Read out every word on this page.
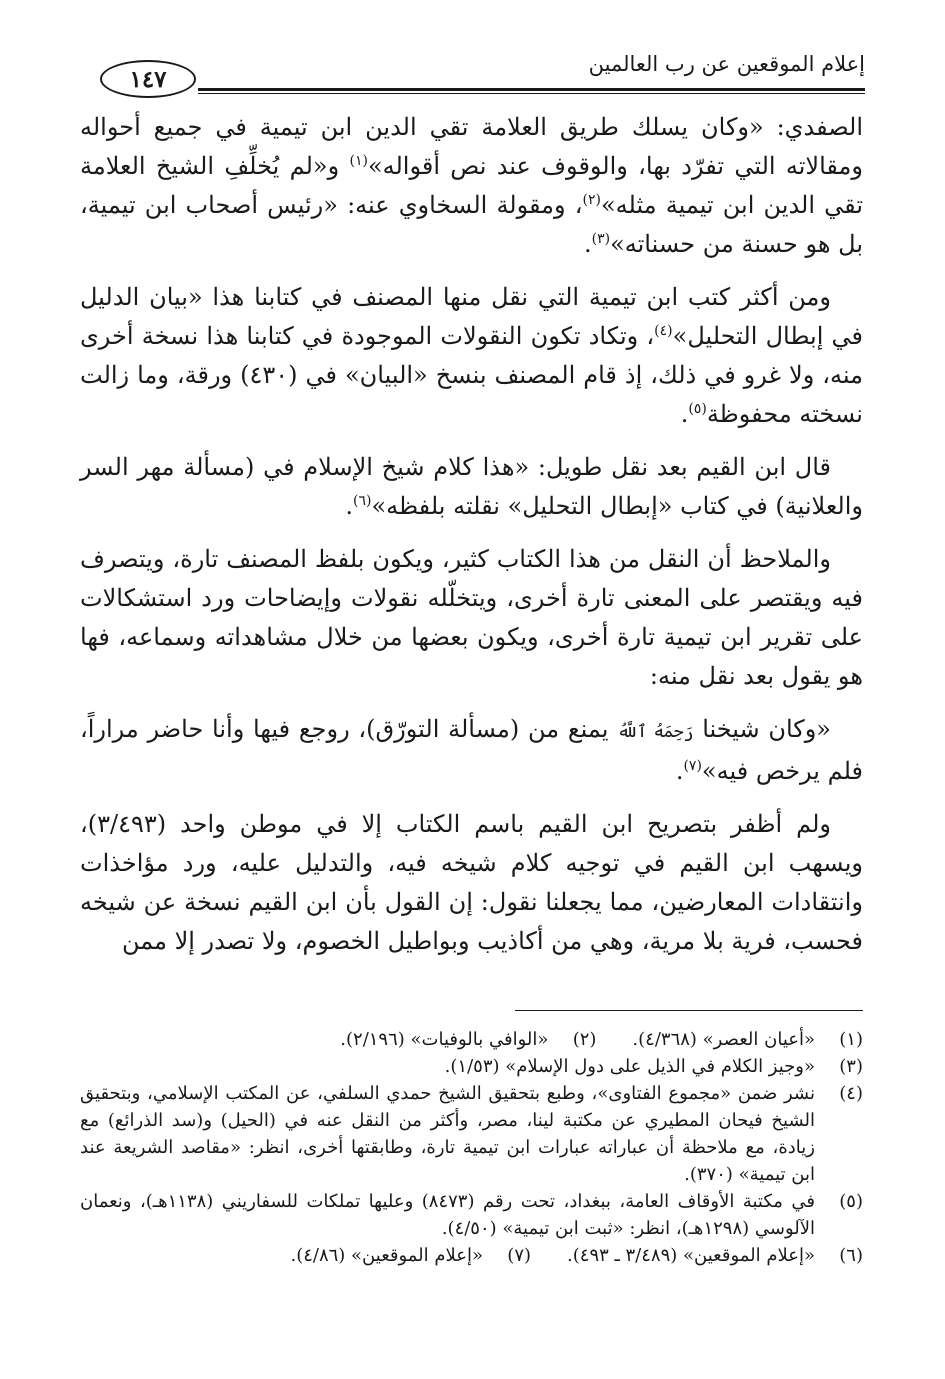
إعلام الموقعين عن رب العالمين
١٤٧

الصفدي: «وكان يسلك طريق العلامة تقي الدين ابن تيمية في جميع أحواله ومقالاته التي تفرّد بها، والوقوف عند نص أقواله»$^{(١)}$ و«لم يُخلِّفِ الشيخ العلامة تقي الدين ابن تيمية مثله»$^{(٢)}$، ومقولة السخاوي عنه: «رئيس أصحاب ابن تيمية، بل هو حسنة من حسناته»$^{(٣)}$.

ومن أكثر كتب ابن تيمية التي نقل منها المصنف في كتابنا هذا «بيان الدليل في إبطال التحليل»$^{(٤)}$، وتكاد تكون النقولات الموجودة في كتابنا هذا نسخة أخرى منه، ولا غرو في ذلك، إذ قام المصنف بنسخ «البيان» في (٤٣٠) ورقة، وما زالت نسخته محفوظة$^{(٥)}$.

قال ابن القيم بعد نقل طويل: «هذا كلام شيخ الإسلام في (مسألة مهر السر والعلانية) في كتاب «إبطال التحليل» نقلته بلفظه»$^{(٦)}$.

والملاحظ أن النقل من هذا الكتاب كثير، ويكون بلفظ المصنف تارة، ويتصرف فيه ويقتصر على المعنى تارة أخرى، ويتخلّله نقولات وإيضاحات ورد استشكالات على تقرير ابن تيمية تارة أخرى، ويكون بعضها من خلال مشاهداته وسماعه، فها هو يقول بعد نقل منه:

«وكان شيخنا رَحِمَهُ ٱللَّهُ يمنع من (مسألة التورّق)، روجع فيها وأنا حاضر مراراً، فلم يرخص فيه»$^{(٧)}$.

ولم أظفر بتصريح ابن القيم باسم الكتاب إلا في موطن واحد (٣/٤٩٣)، ويسهب ابن القيم في توجيه كلام شيخه فيه، والتدليل عليه، ورد مؤاخذات وانتقادات المعارضين، مما يجعلنا نقول: إن القول بأن ابن القيم نسخة عن شيخه فحسب، فرية بلا مرية، وهي من أكاذيب وبواطيل الخصوم، ولا تصدر إلا ممن

(١)
«أعيان العصر» (٤/٣٦٨).
(٢)
«الوافي بالوفيات» (٢/١٩٦).
(٣)
«وجيز الكلام في الذيل على دول الإسلام» (١/٥٣).
(٤)
نشر ضمن «مجموع الفتاوى»، وطبع بتحقيق الشيخ حمدي السلفي، عن المكتب الإسلامي، وبتحقيق الشيخ فيحان المطيري عن مكتبة لينا، مصر، وأكثر من النقل عنه في (الحيل) و(سد الذرائع) مع زيادة، مع ملاحظة أن عباراته عبارات ابن تيمية تارة، وطابقتها أخرى، انظر: «مقاصد الشريعة عند ابن تيمية» (٣٧٠).
(٥)
في مكتبة الأوقاف العامة، ببغداد، تحت رقم (٨٤٧٣) وعليها تملكات للسفاريني (١١٣٨هـ)، ونعمان الآلوسي (١٢٩٨هـ)، انظر: «ثبت ابن تيمية» (٤/٥٠).
(٦)
«إعلام الموقعين» (٣/٤٨٩ ـ ٤٩٣).
(٧)
«إعلام الموقعين» (٤/٨٦).
